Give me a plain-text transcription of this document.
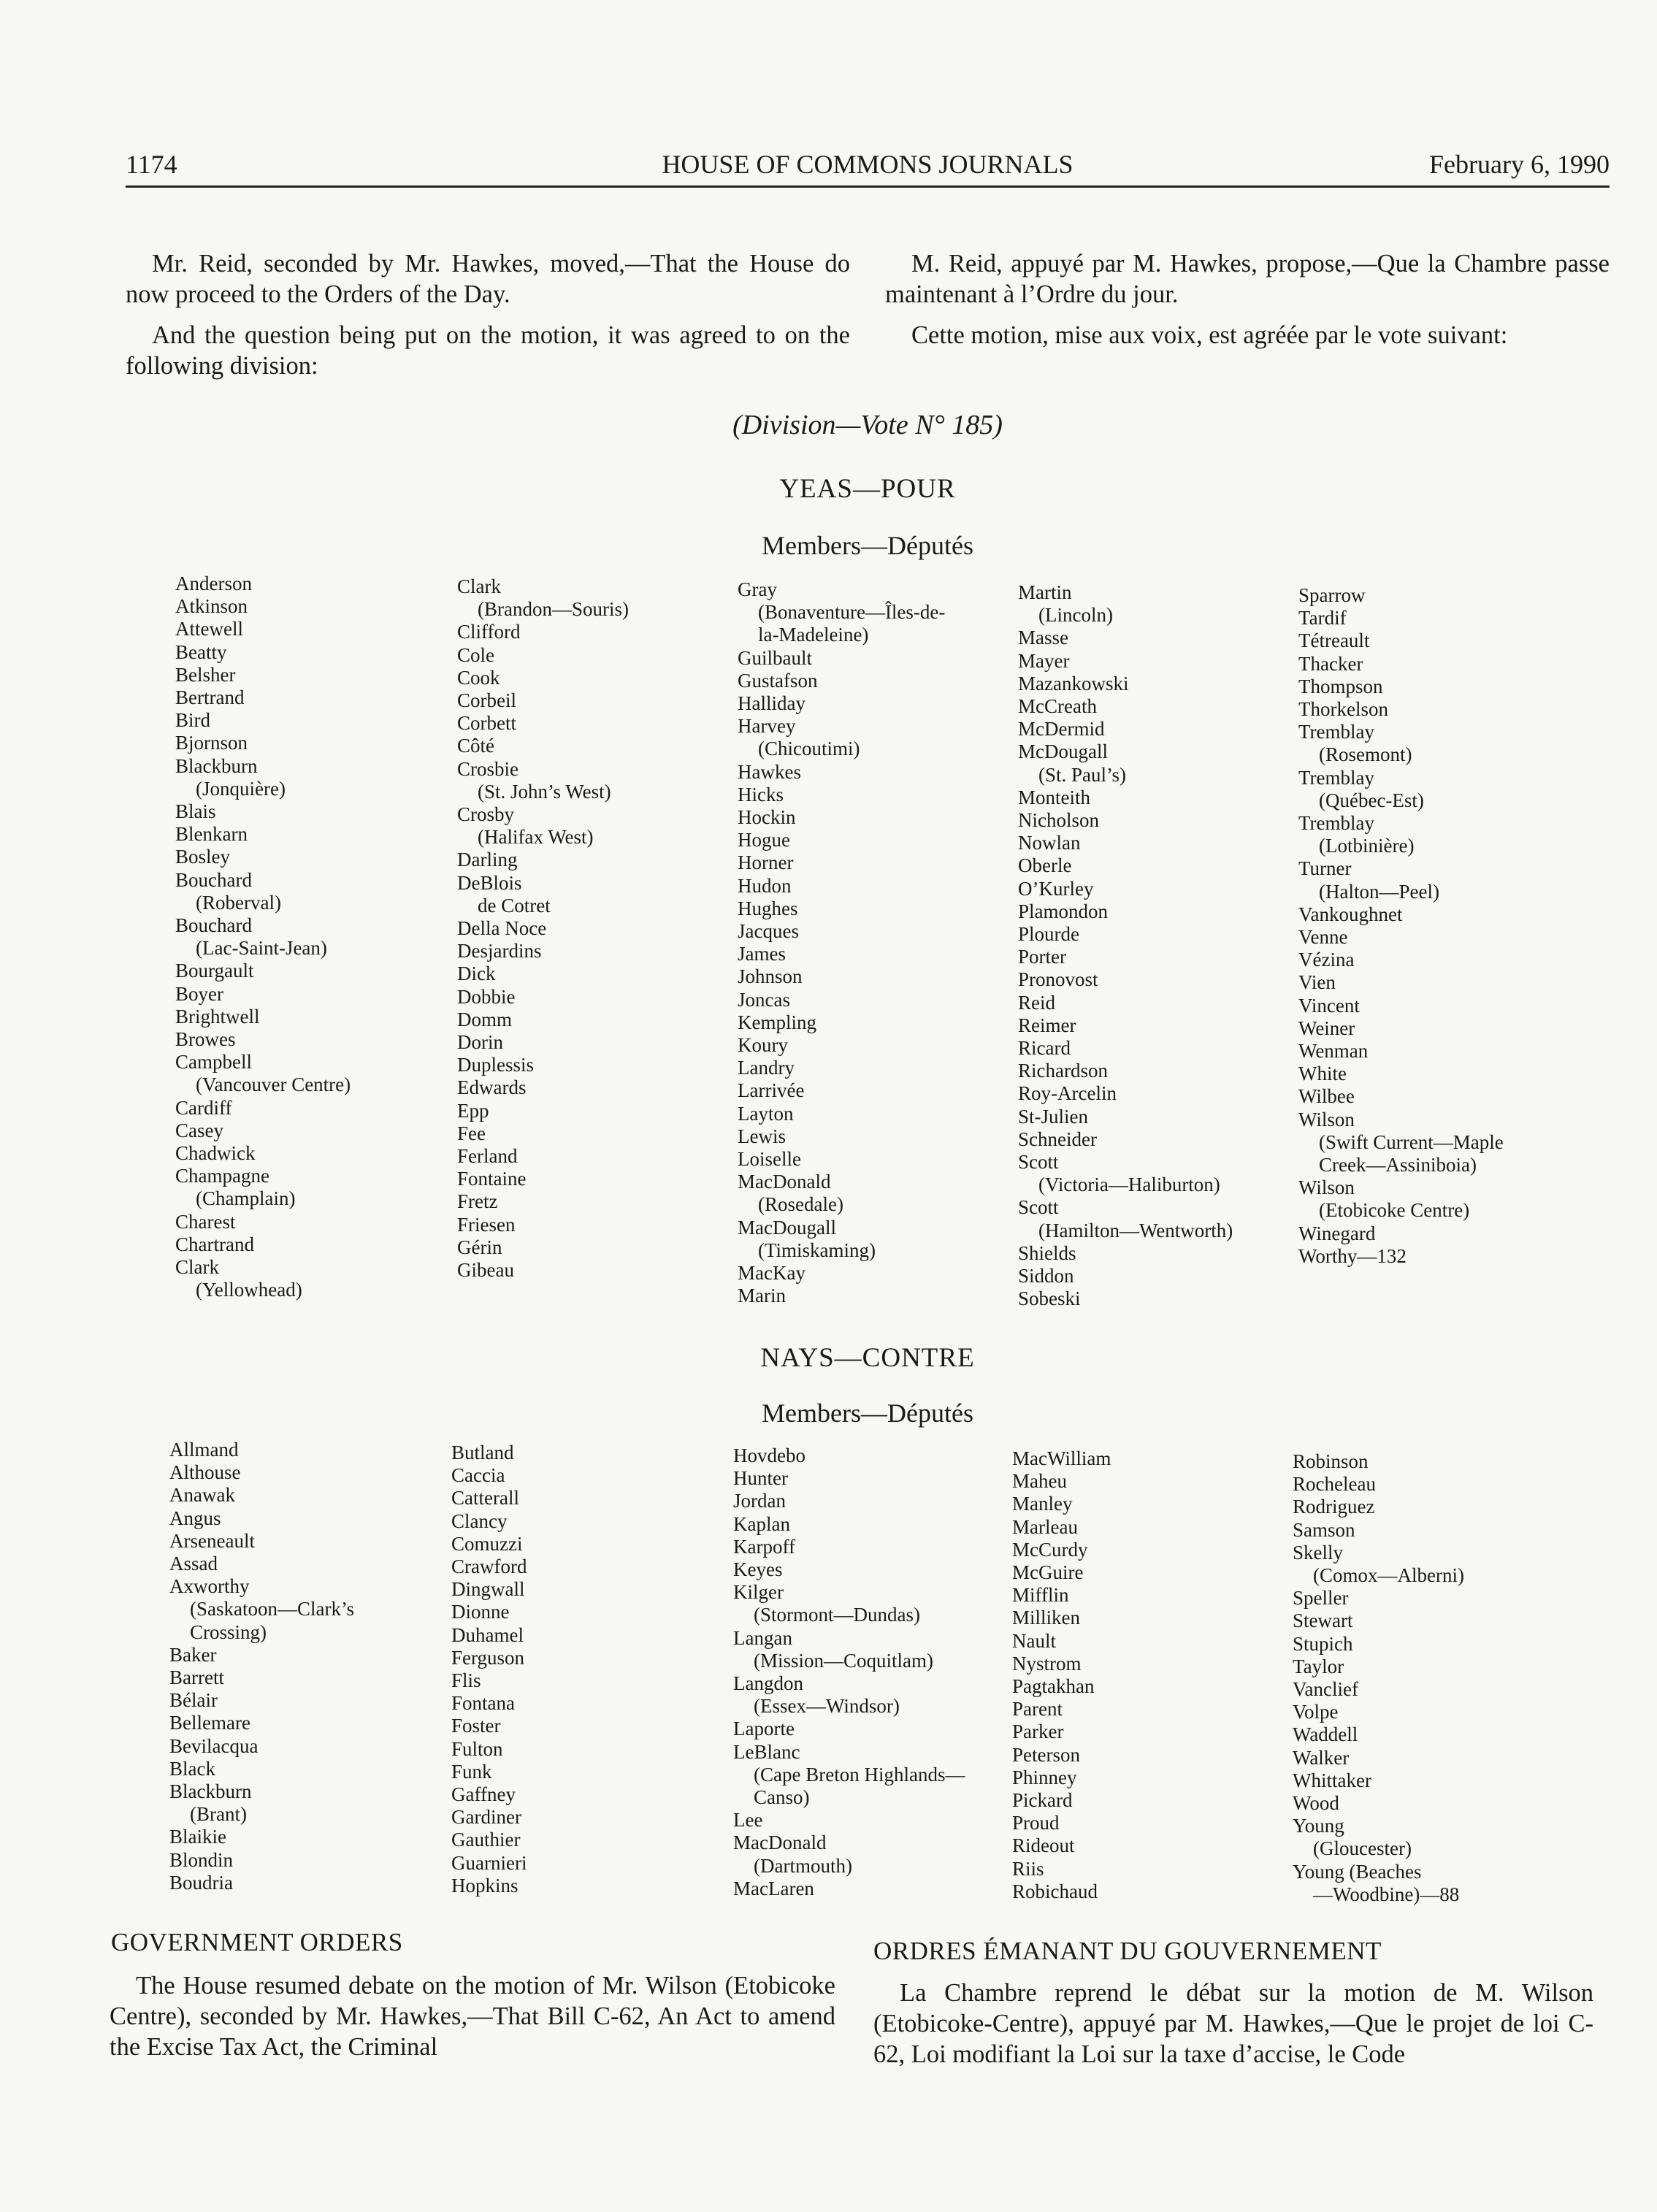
1174	HOUSE OF COMMONS JOURNALS	February 6, 1990

Mr. Reid, seconded by Mr. Hawkes, moved,—That the House do now proceed to the Orders of the Day.

And the question being put on the motion, it was agreed to on the following division:

M. Reid, appuyé par M. Hawkes, propose,—Que la Chambre passe maintenant à l’Ordre du jour.

Cette motion, mise aux voix, est agréée par le vote suivant:

(Division—Vote N° 185)
YEAS—POUR
Members—Députés
Anderson
Atkinson
Attewell
Beatty
Belsher
Bertrand
Bird
Bjornson
Blackburn
(Jonquière)
Blais
Blenkarn
Bosley
Bouchard
(Roberval)
Bouchard
(Lac-Saint-Jean)
Bourgault
Boyer
Brightwell
Browes
Campbell
(Vancouver Centre)
Cardiff
Casey
Chadwick
Champagne
(Champlain)
Charest
Chartrand
Clark
(Yellowhead)
Clark
(Brandon—Souris)
Clifford
Cole
Cook
Corbeil
Corbett
Côté
Crosbie
(St. John’s West)
Crosby
(Halifax West)
Darling
DeBlois
de Cotret
Della Noce
Desjardins
Dick
Dobbie
Domm
Dorin
Duplessis
Edwards
Epp
Fee
Ferland
Fontaine
Fretz
Friesen
Gérin
Gibeau
Gray
(Bonaventure—Îles-de-
la-Madeleine)
Guilbault
Gustafson
Halliday
Harvey
(Chicoutimi)
Hawkes
Hicks
Hockin
Hogue
Horner
Hudon
Hughes
Jacques
James
Johnson
Joncas
Kempling
Koury
Landry
Larrivée
Layton
Lewis
Loiselle
MacDonald
(Rosedale)
MacDougall
(Timiskaming)
MacKay
Marin
Martin
(Lincoln)
Masse
Mayer
Mazankowski
McCreath
McDermid
McDougall
(St. Paul’s)
Monteith
Nicholson
Nowlan
Oberle
O’Kurley
Plamondon
Plourde
Porter
Pronovost
Reid
Reimer
Ricard
Richardson
Roy-Arcelin
St-Julien
Schneider
Scott
(Victoria—Haliburton)
Scott
(Hamilton—Wentworth)
Shields
Siddon
Sobeski
Sparrow
Tardif
Tétreault
Thacker
Thompson
Thorkelson
Tremblay
(Rosemont)
Tremblay
(Québec-Est)
Tremblay
(Lotbinière)
Turner
(Halton—Peel)
Vankoughnet
Venne
Vézina
Vien
Vincent
Weiner
Wenman
White
Wilbee
Wilson
(Swift Current—Maple
Creek—Assiniboia)
Wilson
(Etobicoke Centre)
Winegard
Worthy—132
NAYS—CONTRE
Members—Députés
Allmand
Althouse
Anawak
Angus
Arseneault
Assad
Axworthy
(Saskatoon—Clark’s
Crossing)
Baker
Barrett
Bélair
Bellemare
Bevilacqua
Black
Blackburn
(Brant)
Blaikie
Blondin
Boudria
Butland
Caccia
Catterall
Clancy
Comuzzi
Crawford
Dingwall
Dionne
Duhamel
Ferguson
Flis
Fontana
Foster
Fulton
Funk
Gaffney
Gardiner
Gauthier
Guarnieri
Hopkins
Hovdebo
Hunter
Jordan
Kaplan
Karpoff
Keyes
Kilger
(Stormont—Dundas)
Langan
(Mission—Coquitlam)
Langdon
(Essex—Windsor)
Laporte
LeBlanc
(Cape Breton Highlands—
Canso)
Lee
MacDonald
(Dartmouth)
MacLaren
MacWilliam
Maheu
Manley
Marleau
McCurdy
McGuire
Mifflin
Milliken
Nault
Nystrom
Pagtakhan
Parent
Parker
Peterson
Phinney
Pickard
Proud
Rideout
Riis
Robichaud
Robinson
Rocheleau
Rodriguez
Samson
Skelly
(Comox—Alberni)
Speller
Stewart
Stupich
Taylor
Vanclief
Volpe
Waddell
Walker
Whittaker
Wood
Young
(Gloucester)
Young (Beaches
—Woodbine)—88
GOVERNMENT ORDERS

The House resumed debate on the motion of Mr. Wilson (Etobicoke Centre), seconded by Mr. Hawkes,—That Bill C-62, An Act to amend the Excise Tax Act, the Criminal

ORDRES ÉMANANT DU GOUVERNEMENT

La Chambre reprend le débat sur la motion de M. Wilson (Etobicoke-Centre), appuyé par M. Hawkes,—Que le projet de loi C-62, Loi modifiant la Loi sur la taxe d’accise, le Code
